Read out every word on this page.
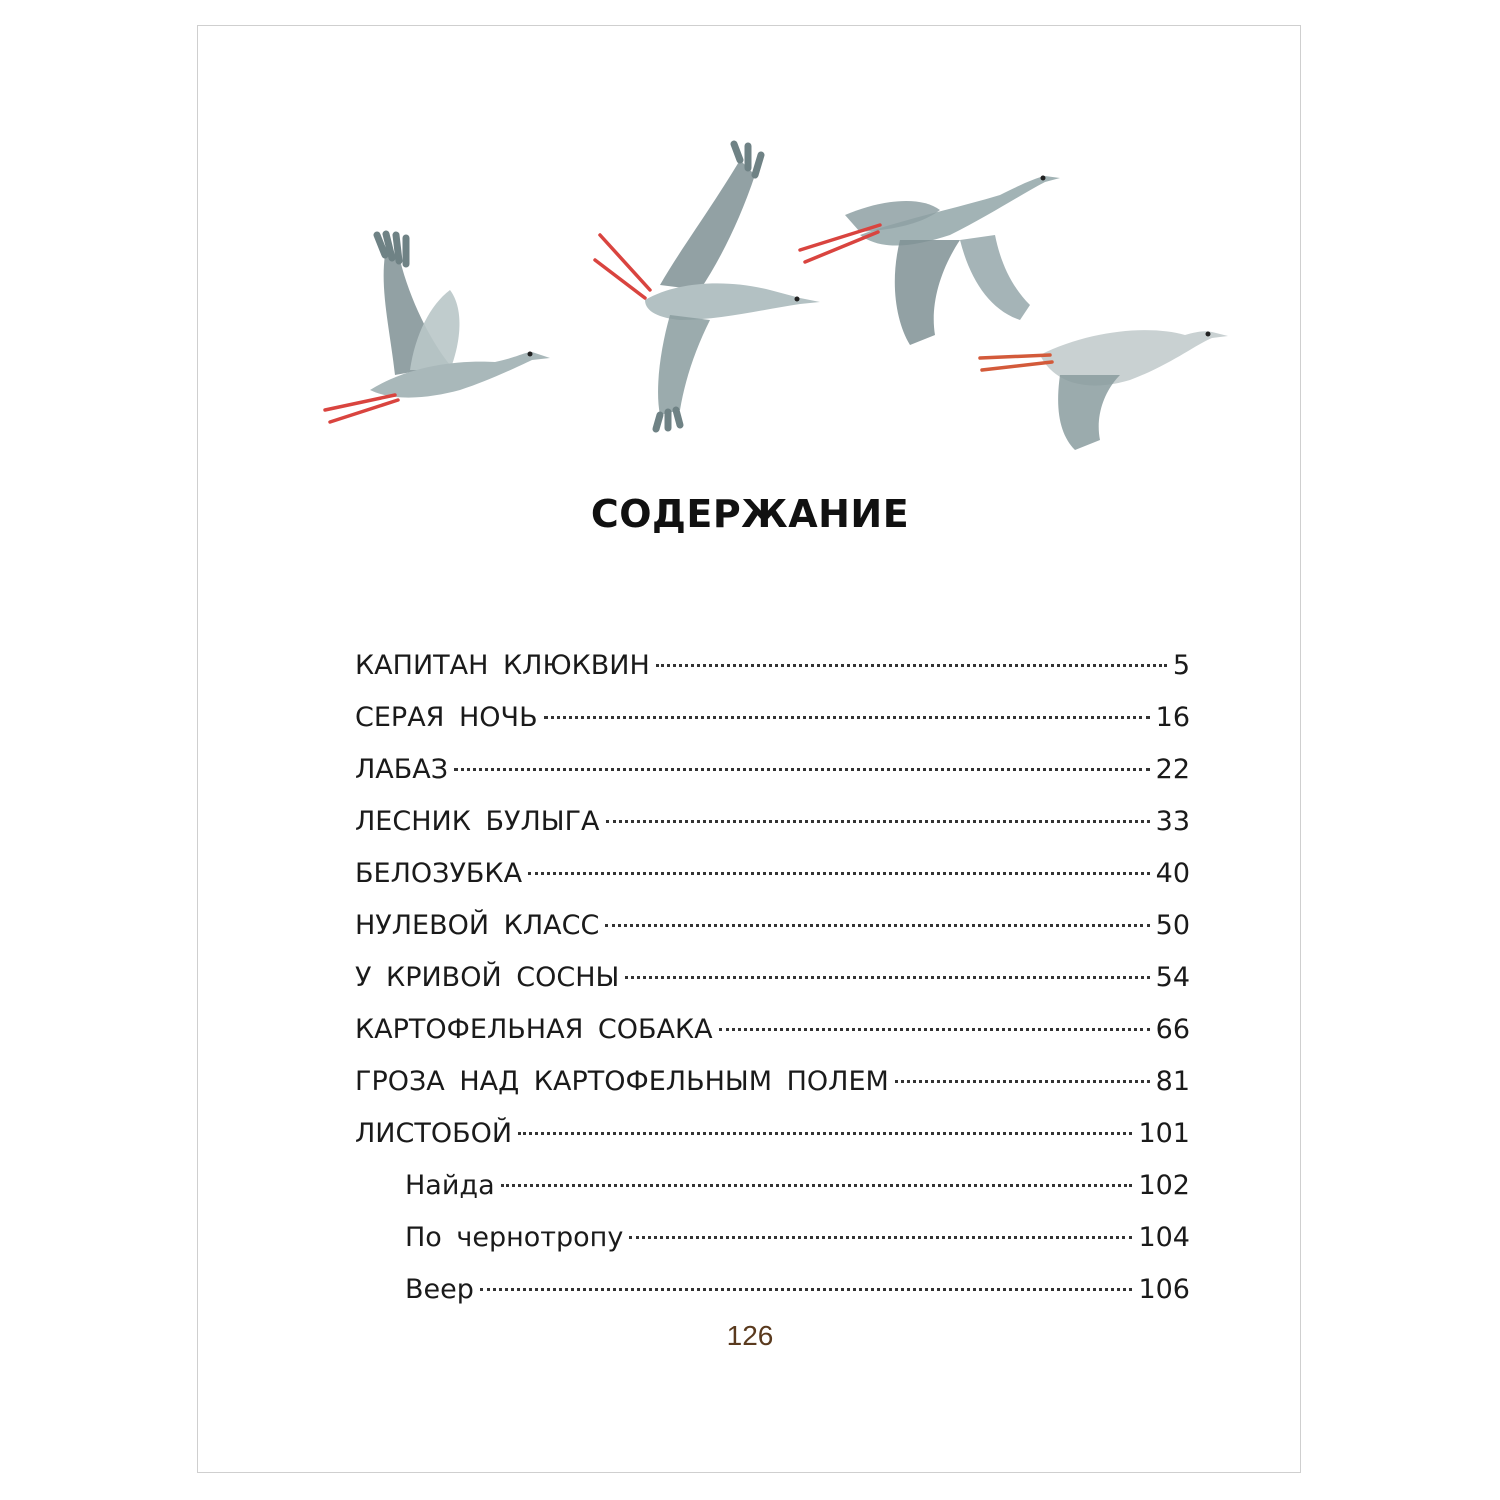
СОДЕРЖАНИЕ
КАПИТАН КЛЮКВИН	5
СЕРАЯ НОЧЬ	16
ЛАБАЗ	22
ЛЕСНИК БУЛЫГА	33
БЕЛОЗУБКА	40
НУЛЕВОЙ КЛАСС	50
У КРИВОЙ СОСНЫ	54
КАРТОФЕЛЬНАЯ СОБАКА	66
ГРОЗА НАД КАРТОФЕЛЬНЫМ ПОЛЕМ	81
ЛИСТОБОЙ	101
Найда	102
По чернотропу	104
Веер	106
126
